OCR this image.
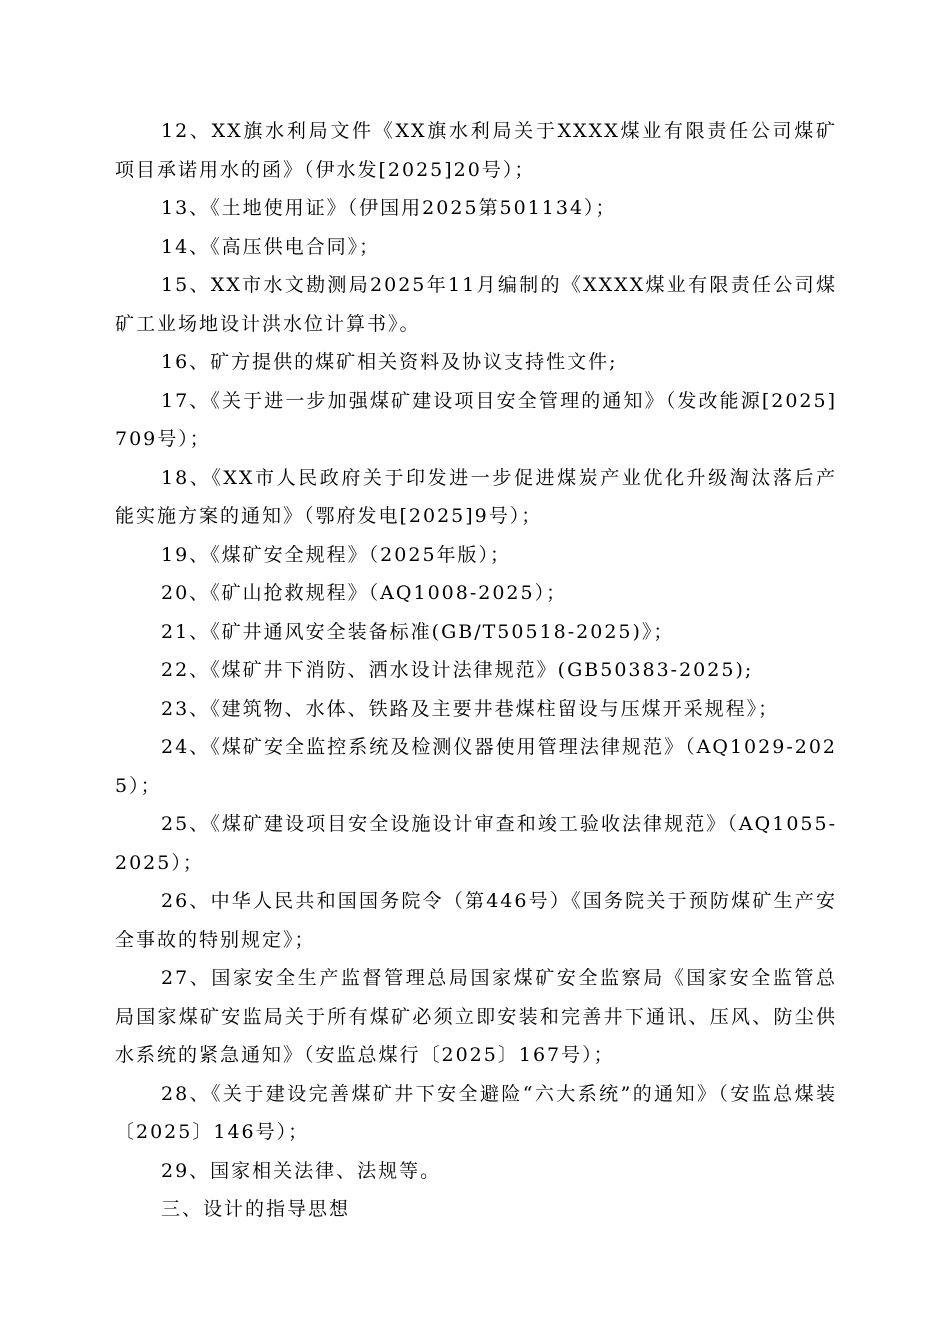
12、XX旗水利局文件《XX旗水利局关于XXXX煤业有限责任公司煤矿项目承诺用水的函》（伊水发[2025]20号）；

13、《土地使用证》（伊国用2025第501134）；

14、《高压供电合同》；

15、XX市水文勘测局2025年11月编制的《XXXX煤业有限责任公司煤矿工业场地设计洪水位计算书》。

16、矿方提供的煤矿相关资料及协议支持性文件;

17、《关于进一步加强煤矿建设项目安全管理的通知》（发改能源[2025]709号）；

18、《XX市人民政府关于印发进一步促进煤炭产业优化升级淘汰落后产能实施方案的通知》（鄂府发电[2025]9号）；

19、《煤矿安全规程》（2025年版）；

20、《矿山抢救规程》（AQ1008-2025）；

21、《矿井通风安全装备标准(GB/T50518-2025)》；

22、《煤矿井下消防、洒水设计法律规范》(GB50383-2025);

23、《建筑物、水体、铁路及主要井巷煤柱留设与压煤开采规程》；

24、《煤矿安全监控系统及检测仪器使用管理法律规范》（AQ1029-2025）；

25、《煤矿建设项目安全设施设计审查和竣工验收法律规范》（AQ1055-2025）；

26、中华人民共和国国务院令（第446号）《国务院关于预防煤矿生产安全事故的特别规定》；

27、国家安全生产监督管理总局国家煤矿安全监察局《国家安全监管总局国家煤矿安监局关于所有煤矿必须立即安装和完善井下通讯、压风、防尘供水系统的紧急通知》（安监总煤行〔2025〕167号）；

28、《关于建设完善煤矿井下安全避险“六大系统”的通知》（安监总煤装〔2025〕146号）；

29、国家相关法律、法规等。

三、设计的指导思想
